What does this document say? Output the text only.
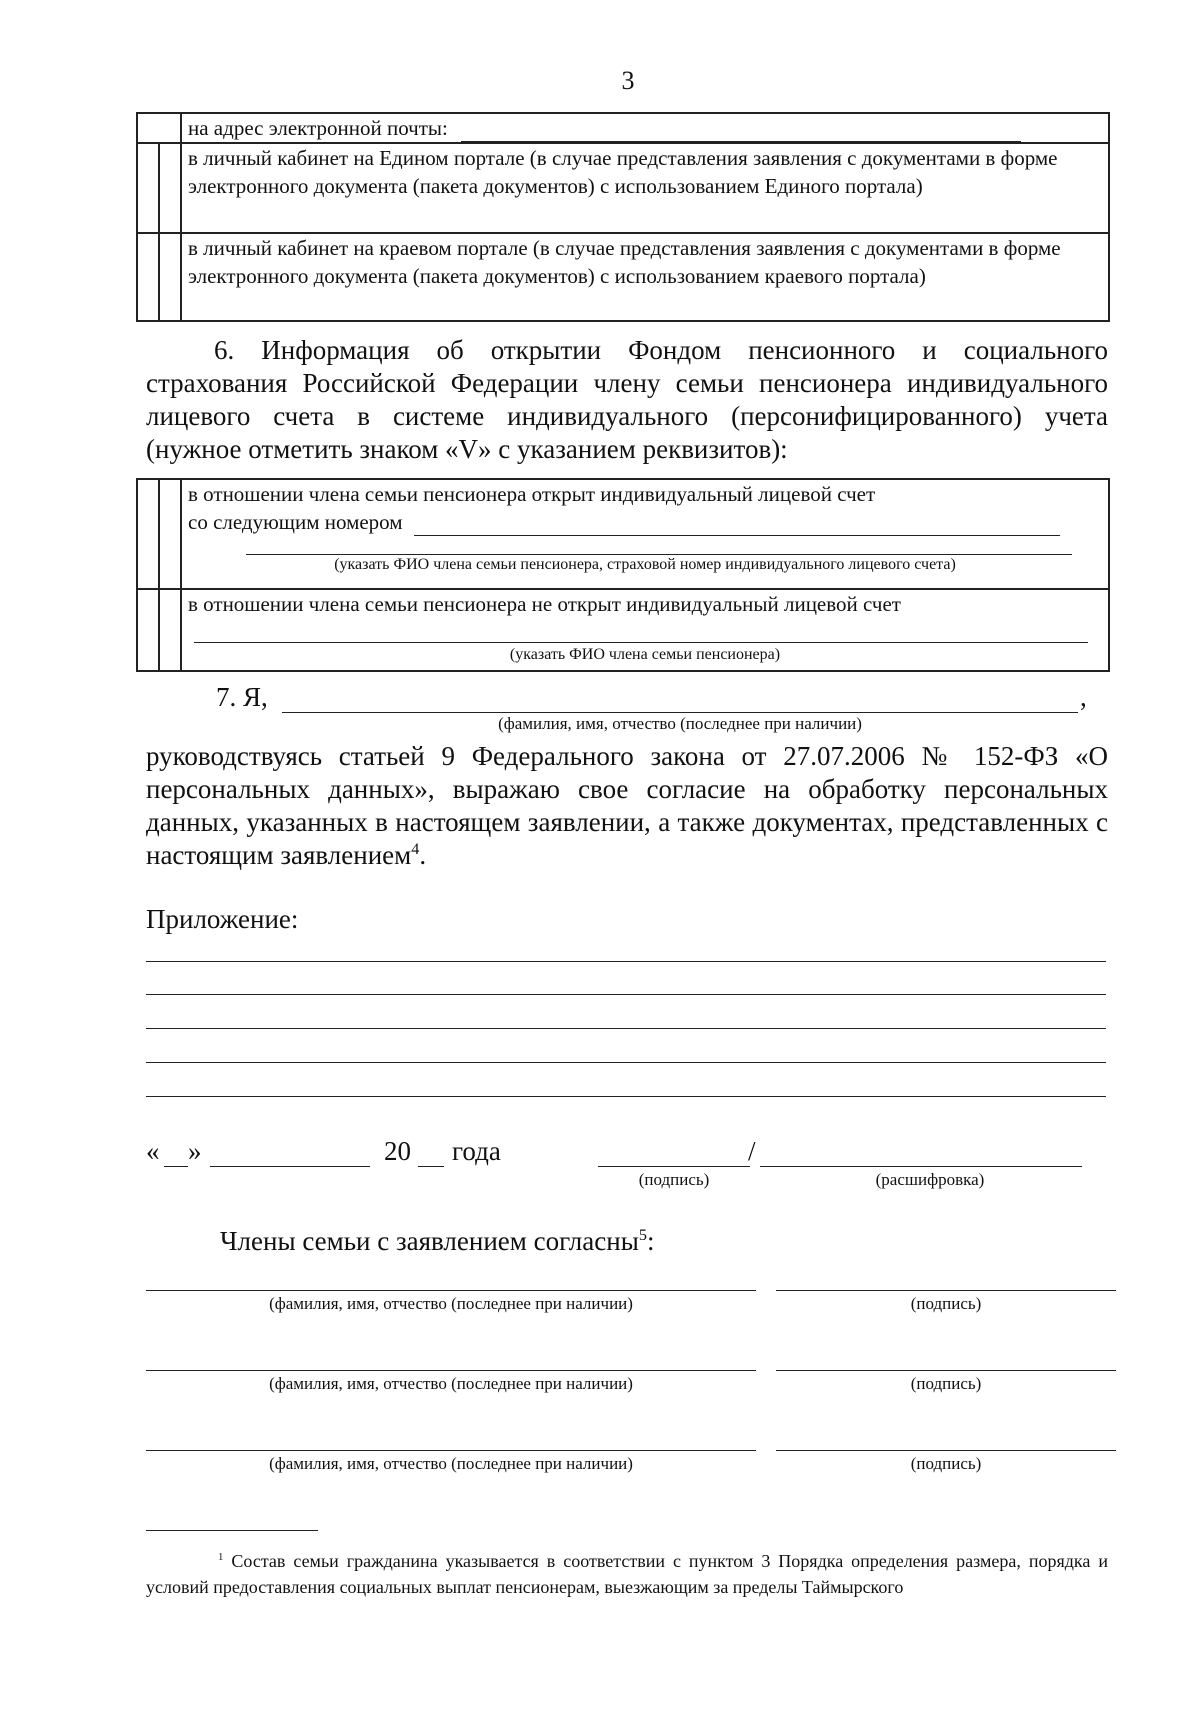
3
	на адрес электронной почты:

	в личный кабинет на Едином портале (в случае представления заявления с документами в форме электронного документа (пакета документов) с использованием Единого портала)

	в личный кабинет на краевом портале (в случае представления заявления с документами в форме электронного документа (пакета документов) с использованием краевого портала)
6. Информация об открытии Фондом пенсионного и социального страхования Российской Федерации члену семьи пенсионера индивидуального лицевого счета в системе индивидуального (персонифицированного) учета (нужное отметить знаком «V» с указанием реквизитов):

	в отношении члена семьи пенсионера открыт индивидуальный лицевой счет
со следующим номером
(указать ФИО члена семьи пенсионера, страховой номер индивидуального лицевого счета)

	в отношении члена семьи пенсионера не открыт индивидуальный лицевой счет
(указать ФИО члена семьи пенсионера)
7. Я,	,
(фамилия, имя, отчество (последнее при наличии)
руководствуясь статьей 9 Федерального закона от 27.07.2006 № 152-ФЗ «О персональных данных», выражаю свое согласие на обработку персональных данных, указанных в настоящем заявлении, а также документах, представленных с настоящим заявлением$^4$.
Приложение:
« »	20 года	/
(подпись)	(расшифровка)
Члены семьи с заявлением согласны$^5$:
(фамилия, имя, отчество (последнее при наличии)	(подпись)
(фамилия, имя, отчество (последнее при наличии)	(подпись)
(фамилия, имя, отчество (последнее при наличии)	(подпись)
$^1$ Состав семьи гражданина указывается в соответствии с пунктом 3 Порядка определения размера, порядка и условий предоставления социальных выплат пенсионерам, выезжающим за пределы Таймырского
